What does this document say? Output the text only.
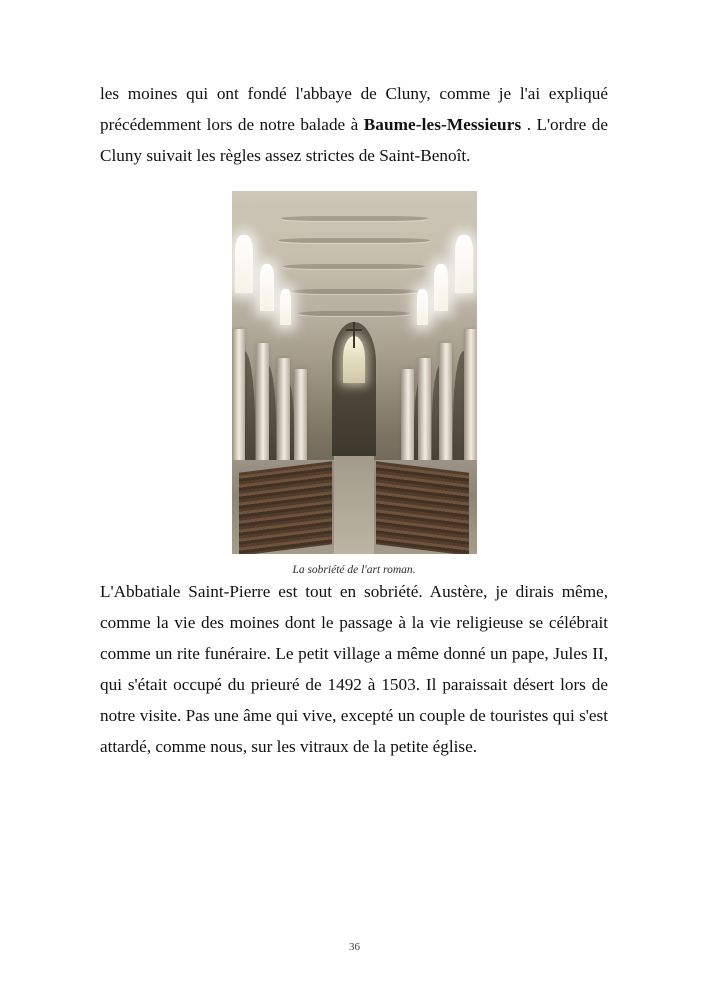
les moines qui ont fondé l'abbaye de Cluny, comme je l'ai expliqué précédemment lors de notre balade à Baume-les-Messieurs . L'ordre de Cluny suivait les règles assez strictes de Saint-Benoît.

La sobriété de l'art roman.

L'Abbatiale Saint-Pierre est tout en sobriété. Austère, je dirais même, comme la vie des moines dont le passage à la vie religieuse se célébrait comme un rite funéraire. Le petit village a même donné un pape, Jules II, qui s'était occupé du prieuré de 1492 à 1503. Il paraissait désert lors de notre visite. Pas une âme qui vive, excepté un couple de touristes qui s'est attardé, comme nous, sur les vitraux de la petite église.

36
